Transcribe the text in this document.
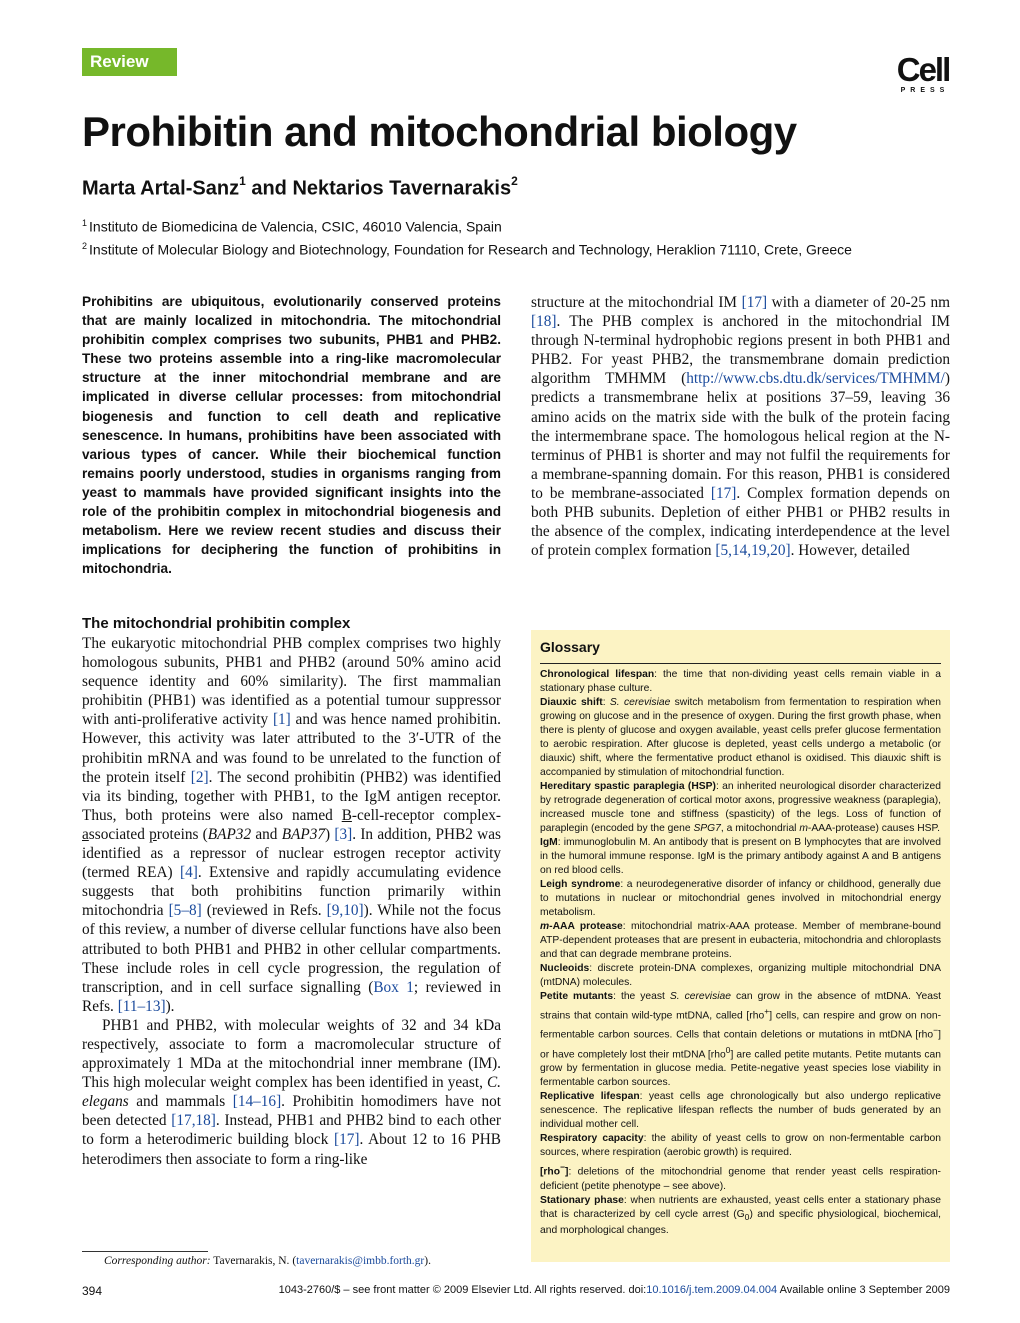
Review	Cell
PRESS
Prohibitin and mitochondrial biology
Marta Artal-Sanz$^1$ and Nektarios Tavernarakis$^2$
$^1$ Instituto de Biomedicina de Valencia, CSIC, 46010 Valencia, Spain
$^2$ Institute of Molecular Biology and Biotechnology, Foundation for Research and Technology, Heraklion 71110, Crete, Greece
Prohibitins are ubiquitous, evolutionarily conserved proteins that are mainly localized in mitochondria. The mitochondrial prohibitin complex comprises two subunits, PHB1 and PHB2. These two proteins assemble into a ring-like macromolecular structure at the inner mitochondrial membrane and are implicated in diverse cellular processes: from mitochondrial biogenesis and function to cell death and replicative senescence. In humans, prohibitins have been associated with various types of cancer. While their biochemical function remains poorly understood, studies in organisms ranging from yeast to mammals have provided significant insights into the role of the prohibitin complex in mitochondrial biogenesis and metabolism. Here we review recent studies and discuss their implications for deciphering the function of prohibitins in mitochondria.
The mitochondrial prohibitin complex

The eukaryotic mitochondrial PHB complex comprises two highly homologous subunits, PHB1 and PHB2 (around 50% amino acid sequence identity and 60% similarity). The first mammalian prohibitin (PHB1) was identified as a potential tumour suppressor with anti-proliferative activity [1] and was hence named prohibitin. However, this activity was later attributed to the 3′-UTR of the prohibitin mRNA and was found to be unrelated to the function of the protein itself [2]. The second prohibitin (PHB2) was identified via its binding, together with PHB1, to the IgM antigen receptor. Thus, both proteins were also named B-cell-receptor complex-associated proteins (BAP32 and BAP37) [3]. In addition, PHB2 was identified as a repressor of nuclear estrogen receptor activity (termed REA) [4]. Extensive and rapidly accumulating evidence suggests that both prohibitins function primarily within mitochondria [5–8] (reviewed in Refs. [9,10]). While not the focus of this review, a number of diverse cellular functions have also been attributed to both PHB1 and PHB2 in other cellular compartments. These include roles in cell cycle progression, the regulation of transcription, and in cell surface signalling (Box 1; reviewed in Refs. [11–13]).

PHB1 and PHB2, with molecular weights of 32 and 34 kDa respectively, associate to form a macromolecular structure of approximately 1 MDa at the mitochondrial inner membrane (IM). This high molecular weight complex has been identified in yeast, C. elegans and mammals [14–16]. Prohibitin homodimers have not been detected [17,18]. Instead, PHB1 and PHB2 bind to each other to form a heterodimeric building block [17]. About 12 to 16 PHB heterodimers then associate to form a ring-like

structure at the mitochondrial IM [17] with a diameter of 20-25 nm [18]. The PHB complex is anchored in the mitochondrial IM through N-terminal hydrophobic regions present in both PHB1 and PHB2. For yeast PHB2, the transmembrane domain prediction algorithm TMHMM (http://www.cbs.dtu.dk/services/TMHMM/) predicts a transmembrane helix at positions 37–59, leaving 36 amino acids on the matrix side with the bulk of the protein facing the intermembrane space. The homologous helical region at the N-terminus of PHB1 is shorter and may not fulfil the requirements for a membrane-spanning domain. For this reason, PHB1 is considered to be membrane-associated [17]. Complex formation depends on both PHB subunits. Depletion of either PHB1 or PHB2 results in the absence of the complex, indicating interdependence at the level of protein complex formation [5,14,19,20]. However, detailed

Glossary

Chronological lifespan: the time that non-dividing yeast cells remain viable in a stationary phase culture.

Diauxic shift: S. cerevisiae switch metabolism from fermentation to respiration when growing on glucose and in the presence of oxygen. During the first growth phase, when there is plenty of glucose and oxygen available, yeast cells prefer glucose fermentation to aerobic respiration. After glucose is depleted, yeast cells undergo a metabolic (or diauxic) shift, where the fermentative product ethanol is oxidised. This diauxic shift is accompanied by stimulation of mitochondrial function.

Hereditary spastic paraplegia (HSP): an inherited neurological disorder characterized by retrograde degeneration of cortical motor axons, progressive weakness (paraplegia), increased muscle tone and stiffness (spasticity) of the legs. Loss of function of paraplegin (encoded by the gene SPG7, a mitochondrial m-AAA-protease) causes HSP.

IgM: immunoglobulin M. An antibody that is present on B lymphocytes that are involved in the humoral immune response. IgM is the primary antibody against A and B antigens on red blood cells.

Leigh syndrome: a neurodegenerative disorder of infancy or childhood, generally due to mutations in nuclear or mitochondrial genes involved in mitochondrial energy metabolism.

m-AAA protease: mitochondrial matrix-AAA protease. Member of membrane-bound ATP-dependent proteases that are present in eubacteria, mitochondria and chloroplasts and that can degrade membrane proteins.

Nucleoids: discrete protein-DNA complexes, organizing multiple mitochondrial DNA (mtDNA) molecules.

Petite mutants: the yeast S. cerevisiae can grow in the absence of mtDNA. Yeast strains that contain wild-type mtDNA, called [rho+] cells, can respire and grow on non-fermentable carbon sources. Cells that contain deletions or mutations in mtDNA [rho−] or have completely lost their mtDNA [rho$^0$] are called petite mutants. Petite mutants can grow by fermentation in glucose media. Petite-negative yeast species lose viability in fermentable carbon sources.

Replicative lifespan: yeast cells age chronologically but also undergo replicative senescence. The replicative lifespan reflects the number of buds generated by an individual mother cell.

Respiratory capacity: the ability of yeast cells to grow on non-fermentable carbon sources, where respiration (aerobic growth) is required.

[rho−]: deletions of the mitochondrial genome that render yeast cells respiration-deficient (petite phenotype – see above).

Stationary phase: when nutrients are exhausted, yeast cells enter a stationary phase that is characterized by cell cycle arrest $(G_0)$ and specific physiological, biochemical, and morphological changes.

Corresponding author: Tavernarakis, N. (tavernarakis@imbb.forth.gr).
394	1043-2760/$ – see front matter © 2009 Elsevier Ltd. All rights reserved. doi:10.1016/j.tem.2009.04.004 Available online 3 September 2009
